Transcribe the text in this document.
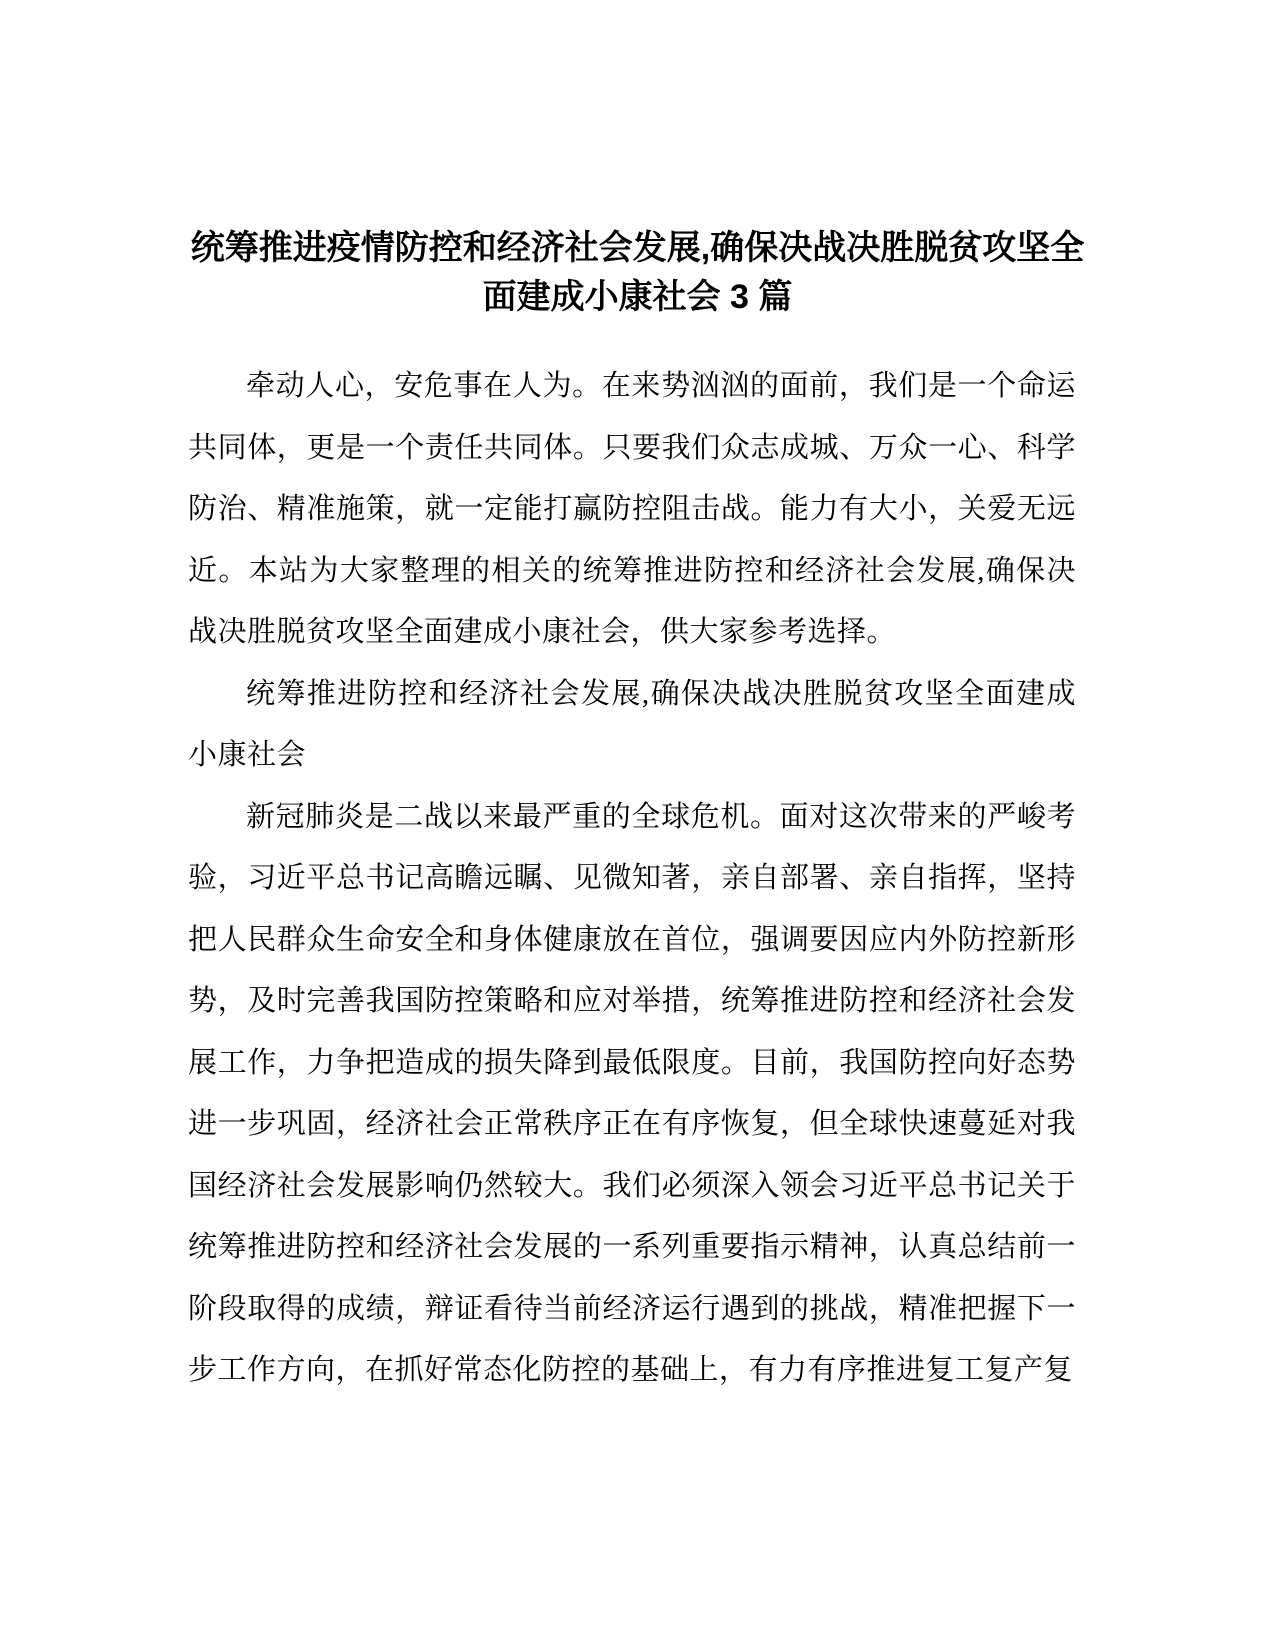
统筹推进疫情防控和经济社会发展,确保决战决胜脱贫攻坚全
面建成小康社会 3 篇

牵动人心，安危事在人为。在来势汹汹的面前，我们是一个命运共同体，更是一个责任共同体。只要我们众志成城、万众一心、科学防治、精准施策，就一定能打赢防控阻击战。能力有大小，关爱无远近。本站为大家整理的相关的统筹推进防控和经济社会发展,确保决战决胜脱贫攻坚全面建成小康社会，供大家参考选择。

统筹推进防控和经济社会发展,确保决战决胜脱贫攻坚全面建成小康社会

新冠肺炎是二战以来最严重的全球危机。面对这次带来的严峻考验，习近平总书记高瞻远瞩、见微知著，亲自部署、亲自指挥，坚持把人民群众生命安全和身体健康放在首位，强调要因应内外防控新形势，及时完善我国防控策略和应对举措，统筹推进防控和经济社会发展工作，力争把造成的损失降到最低限度。目前，我国防控向好态势进一步巩固，经济社会正常秩序正在有序恢复，但全球快速蔓延对我国经济社会发展影响仍然较大。我们必须深入领会习近平总书记关于统筹推进防控和经济社会发展的一系列重要指示精神，认真总结前一阶段取得的成绩，辩证看待当前经济运行遇到的挑战，精准把握下一步工作方向，在抓好常态化防控的基础上，有力有序推进复工复产复
